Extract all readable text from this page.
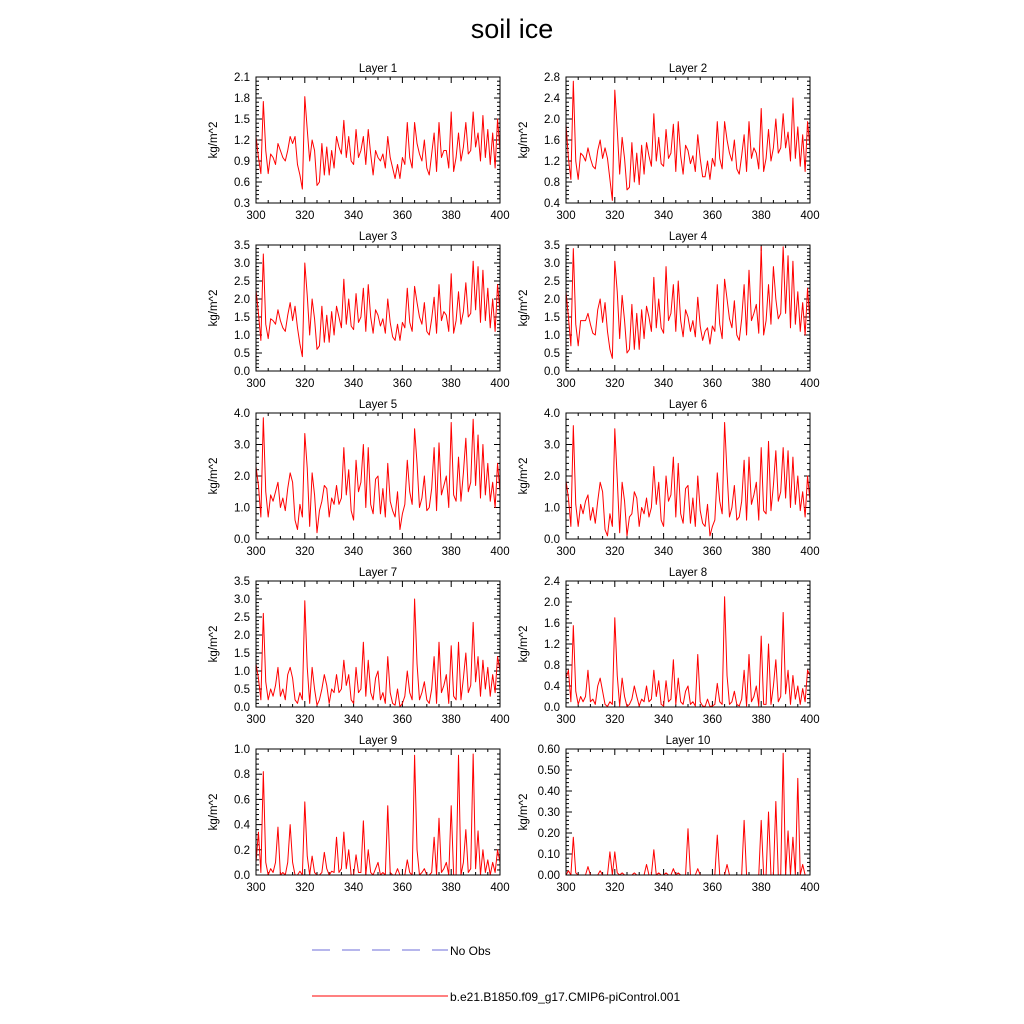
soil ice
Layer 1
kg/m^2
300	320	340	360	380	400
0.3
0.6
0.9
1.2
1.5
1.8
2.1
Layer 2
kg/m^2
300	320	340	360	380	400
0.4
0.8
1.2
1.6
2.0
2.4
2.8
Layer 3
kg/m^2
300	320	340	360	380	400
0.0
0.5
1.0
1.5
2.0
2.5
3.0
3.5
Layer 4
kg/m^2
300	320	340	360	380	400
0.0
0.5
1.0
1.5
2.0
2.5
3.0
3.5
Layer 5
kg/m^2
300	320	340	360	380	400
0.0
1.0
2.0
3.0
4.0
Layer 6
kg/m^2
300	320	340	360	380	400
0.0
1.0
2.0
3.0
4.0
Layer 7
kg/m^2
300	320	340	360	380	400
0.0
0.5
1.0
1.5
2.0
2.5
3.0
3.5
Layer 8
kg/m^2
300	320	340	360	380	400
0.0
0.4
0.8
1.2
1.6
2.0
2.4
Layer 9
kg/m^2
300	320	340	360	380	400
0.0
0.2
0.4
0.6
0.8
1.0
Layer 10
kg/m^2
300	320	340	360	380	400
0.00
0.10
0.20
0.30
0.40
0.50
0.60
No Obs
b.e21.B1850.f09_g17.CMIP6-piControl.001
